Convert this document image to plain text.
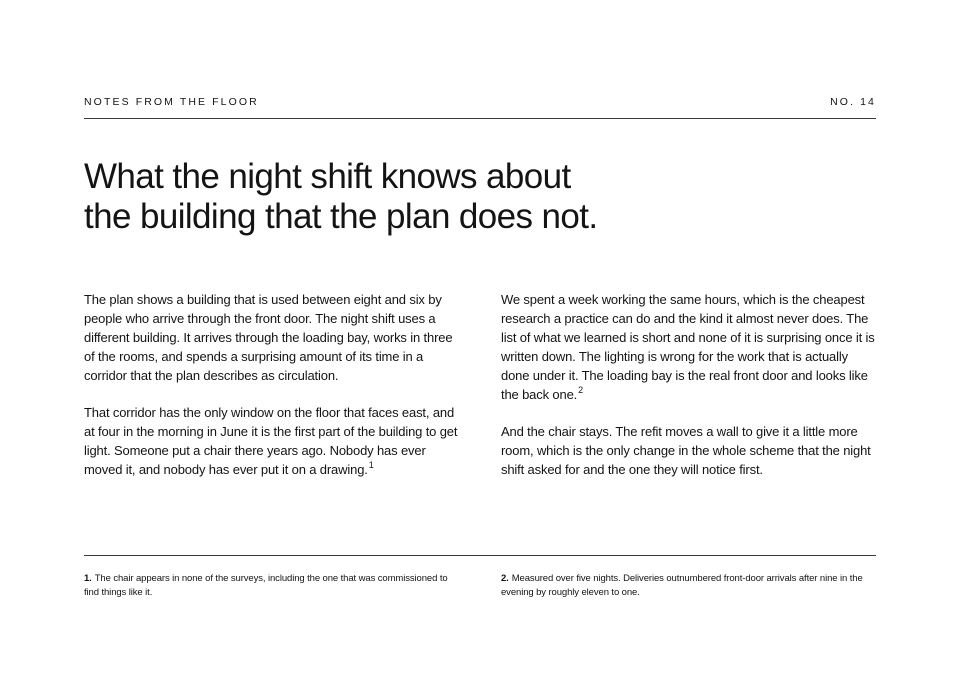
NOTES FROM THE FLOOR	NO. 14
What the night shift knows about
the building that the plan does not.

The plan shows a building that is used between eight and six by people who arrive through the front door. The night shift uses a different building. It arrives through the loading bay, works in three of the rooms, and spends a surprising amount of its time in a corridor that the plan describes as circulation.

That corridor has the only window on the floor that faces east, and at four in the morning in June it is the first part of the building to get light. Someone put a chair there years ago. Nobody has ever moved it, and nobody has ever put it on a drawing.$^1$

We spent a week working the same hours, which is the cheapest research a practice can do and the kind it almost never does. The list of what we learned is short and none of it is surprising once it is written down. The lighting is wrong for the work that is actually done under it. The loading bay is the real front door and looks like the back one.$^2$

And the chair stays. The refit moves a wall to give it a little more room, which is the only change in the whole scheme that the night shift asked for and the one they will notice first.

1. The chair appears in none of the surveys, including the one that was commissioned to find things like it.
2. Measured over five nights. Deliveries outnumbered front-door arrivals after nine in the evening by roughly eleven to one.
